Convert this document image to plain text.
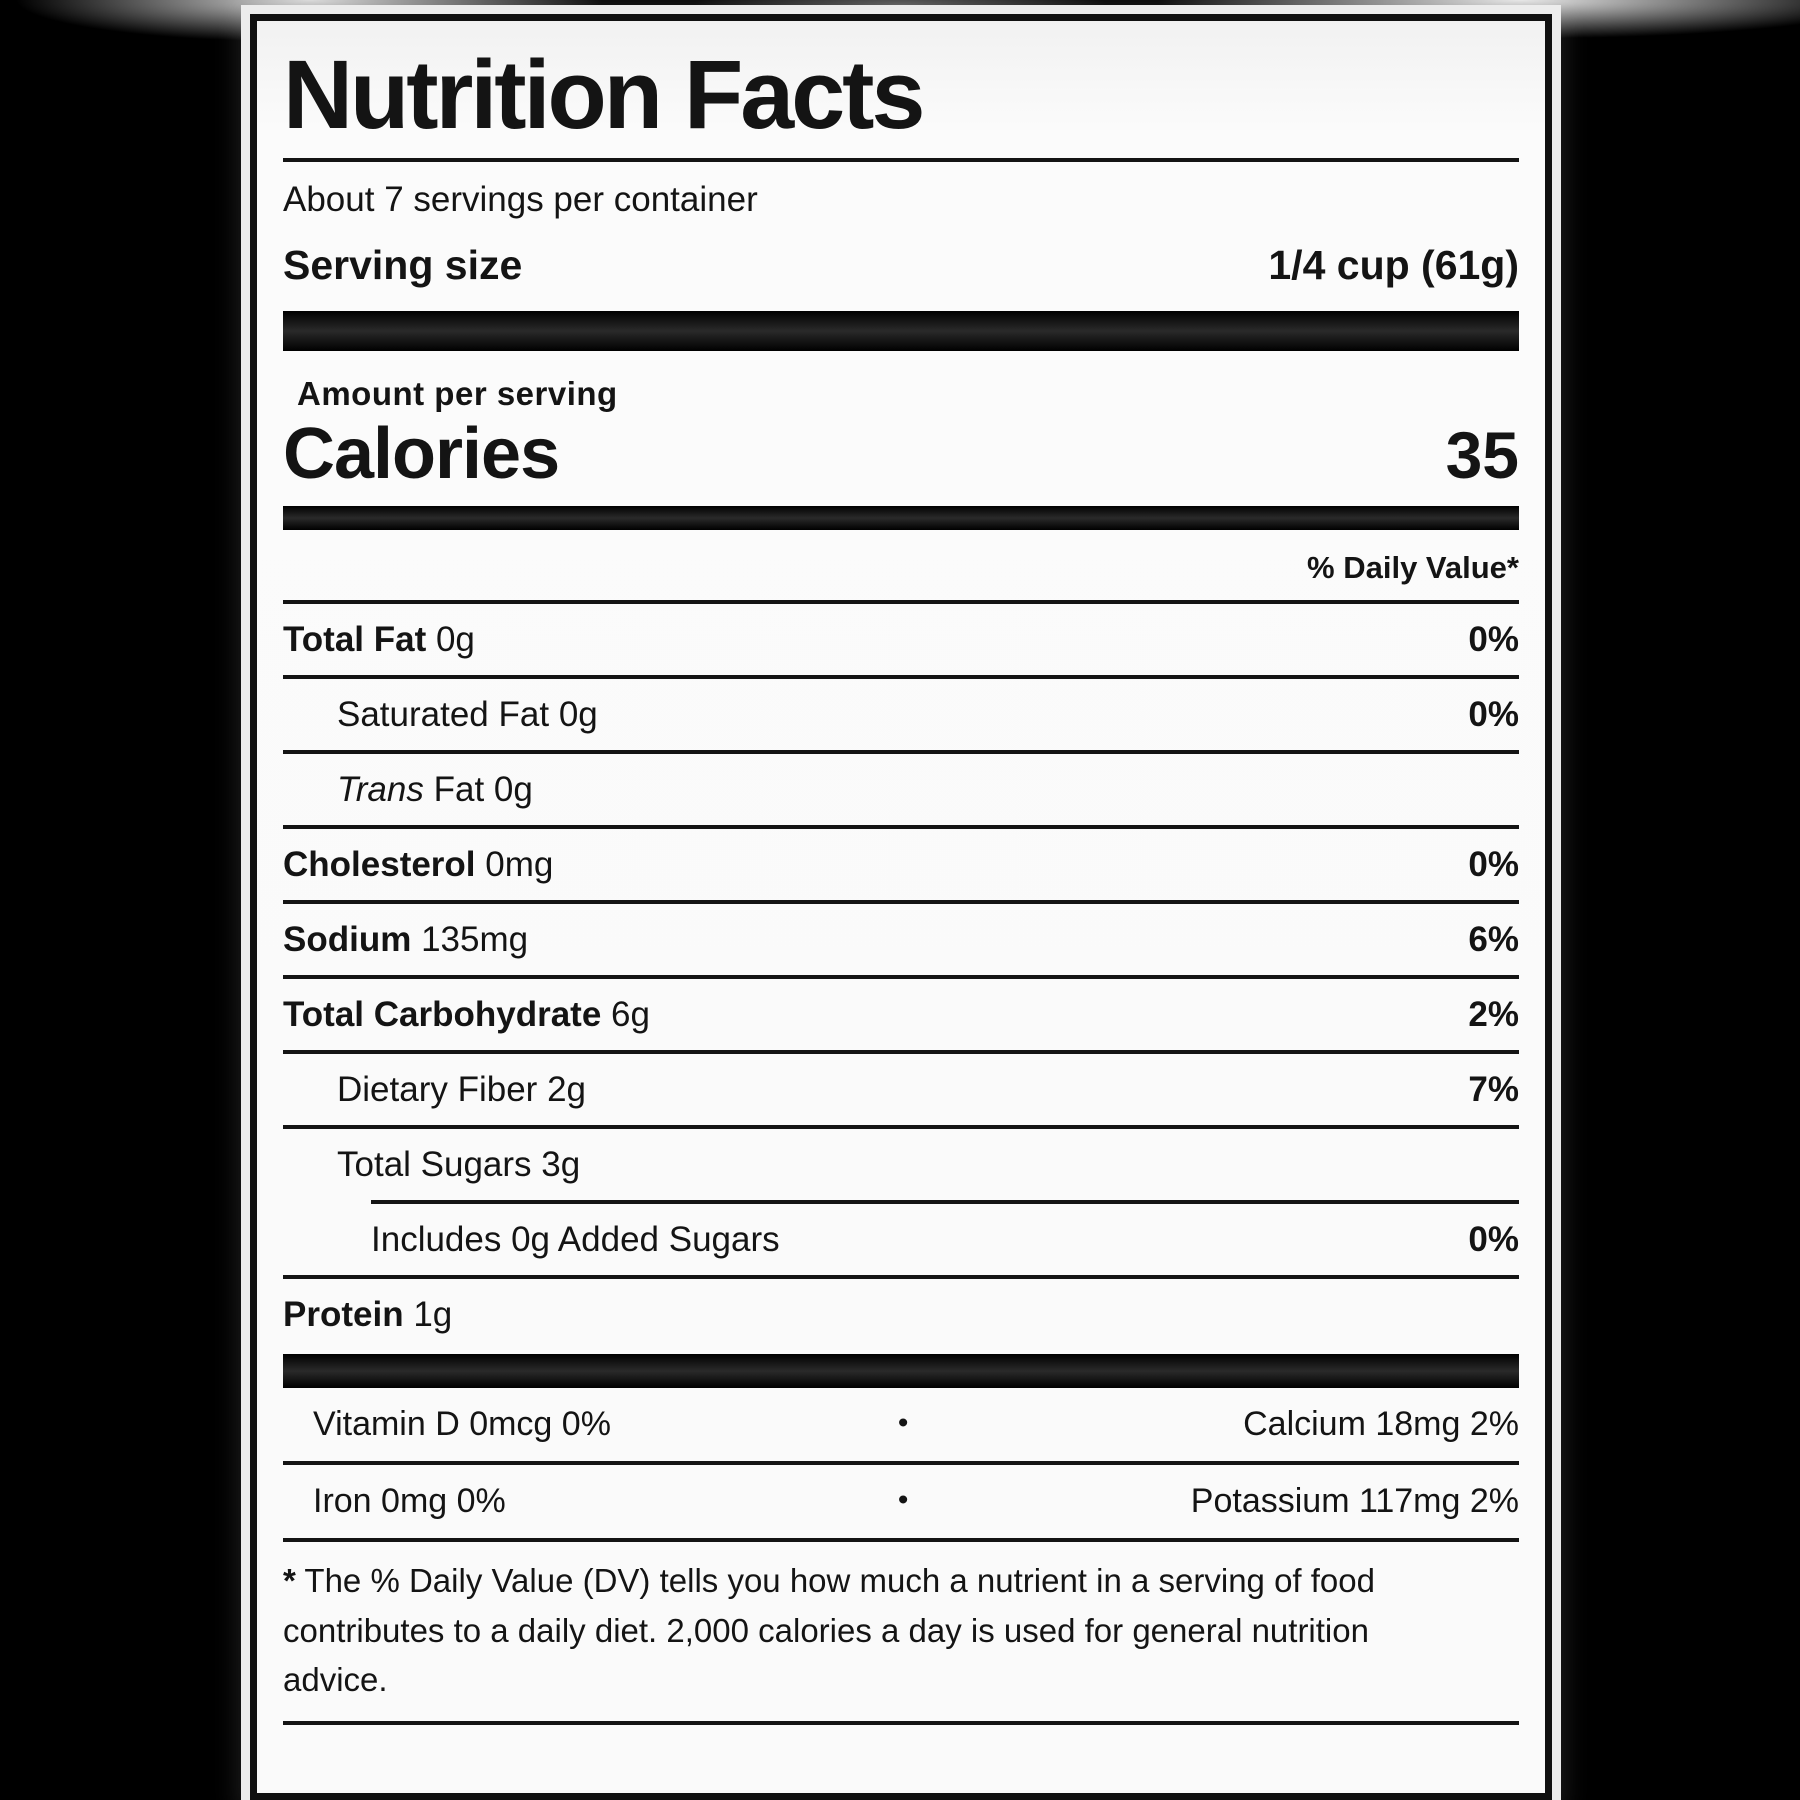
Nutrition Facts
About 7 servings per container
Serving size	1/4 cup (61g)
Amount per serving
Calories	35
% Daily Value*
Total Fat 0g	0%
Saturated Fat 0g	0%
Trans Fat 0g
Cholesterol 0mg	0%
Sodium 135mg	6%
Total Carbohydrate 6g	2%
Dietary Fiber 2g	7%
Total Sugars 3g
Includes 0g Added Sugars	0%
Protein 1g
Vitamin D 0mcg 0%	•	Calcium 18mg 2%
Iron 0mg 0%	•	Potassium 117mg 2%
* The % Daily Value (DV) tells you how much a nutrient in a serving of food contributes to a daily diet. 2,000 calories a day is used for general nutrition advice.
